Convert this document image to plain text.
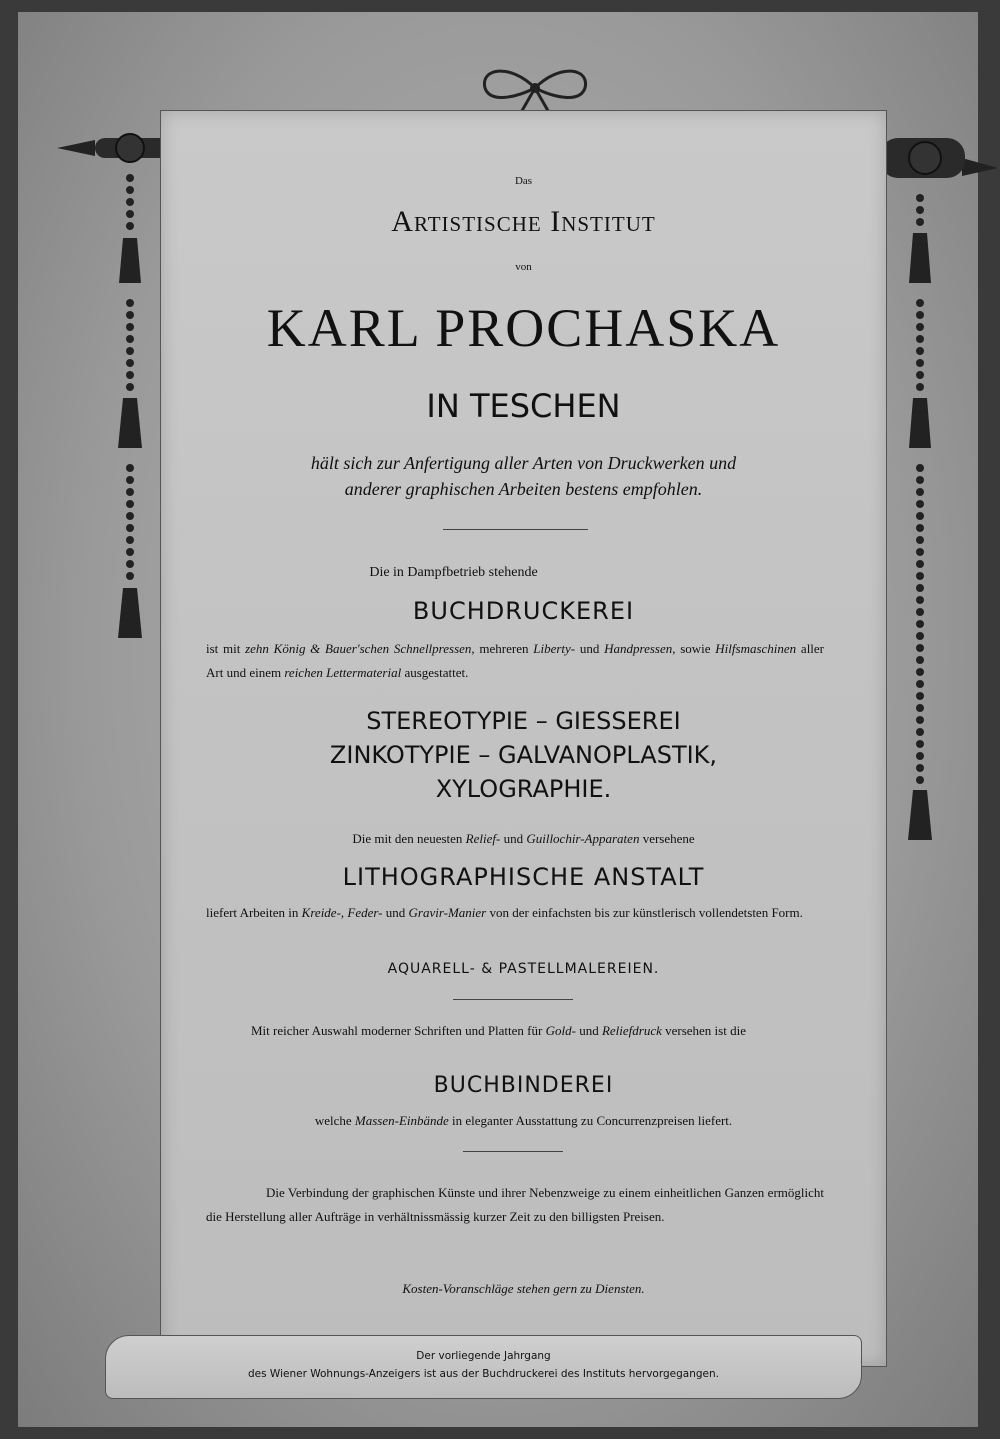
Das
Artistische Institut
von
KARL PROCHASKA
IN TESCHEN
hält sich zur Anfertigung aller Arten von Druckwerken und
anderer graphischen Arbeiten bestens empfohlen.
Die in Dampfbetrieb stehende
BUCHDRUCKEREI
ist mit zehn König & Bauer'schen Schnellpressen, mehreren Liberty- und Handpressen, sowie Hilfsmaschinen aller Art und einem reichen Lettermaterial ausgestattet.
STEREOTYPIE – GIESSEREI
ZINKOTYPIE – GALVANOPLASTIK,
XYLOGRAPHIE.
Die mit den neuesten Relief- und Guillochir-Apparaten versehene
LITHOGRAPHISCHE ANSTALT
liefert Arbeiten in Kreide-, Feder- und Gravir-Manier von der einfachsten bis zur künstlerisch vollendetsten Form.
AQUARELL- & PASTELLMALEREIEN.
Mit reicher Auswahl moderner Schriften und Platten für Gold- und Reliefdruck versehen ist die
BUCHBINDEREI
welche Massen-Einbände in eleganter Ausstattung zu Concurrenzpreisen liefert.
Die Verbindung der graphischen Künste und ihrer Nebenzweige zu einem einheitlichen Ganzen ermöglicht die Herstellung aller Aufträge in verhältnissmässig kurzer Zeit zu den billigsten Preisen.
Kosten-Voranschläge stehen gern zu Diensten.
Der vorliegende Jahrgang
des Wiener Wohnungs-Anzeigers ist aus der Buchdruckerei des Instituts hervorgegangen.
